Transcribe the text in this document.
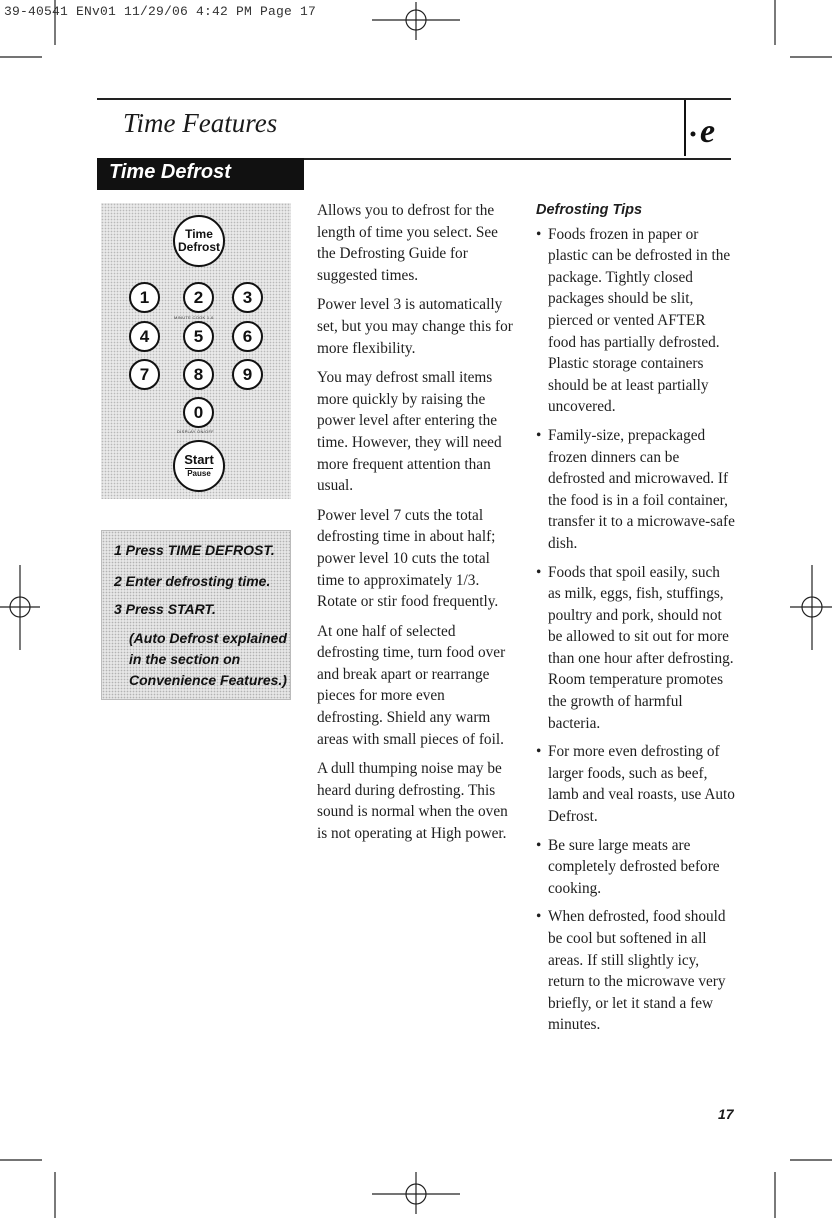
39-40541 ENv01 11/29/06 4:42 PM Page 17
Time Features	e
Time Defrost
Time
Defrost
1	2	3
MINUTE COOK 1-6
4	5	6
7	8	9
0
DISPLAY ON/OFF
Start
Pause
1 Press TIME DEFROST.
2 Enter defrosting time.
3 Press START.
(Auto Defrost explained
in the section on
Convenience Features.)

Allows you to defrost for the length of time you select. See the Defrosting Guide for suggested times.

Power level 3 is automatically set, but you may change this for more flexibility.

You may defrost small items more quickly by raising the power level after entering the time. However, they will need more frequent attention than usual.

Power level 7 cuts the total defrosting time in about half; power level 10 cuts the total time to approximately 1/3. Rotate or stir food frequently.

At one half of selected defrosting time, turn food over and break apart or rearrange pieces for more even defrosting. Shield any warm areas with small pieces of foil.

A dull thumping noise may be heard during defrosting. This sound is normal when the oven is not operating at High power.

Defrosting Tips
• Foods frozen in paper or plastic can be defrosted in the package. Tightly closed packages should be slit, pierced or vented AFTER food has partially defrosted. Plastic storage containers should be at least partially uncovered.
• Family-size, prepackaged frozen dinners can be defrosted and microwaved. If the food is in a foil container, transfer it to a microwave-safe dish.
• Foods that spoil easily, such as milk, eggs, fish, stuffings, poultry and pork, should not be allowed to sit out for more than one hour after defrosting. Room temperature promotes the growth of harmful bacteria.
• For more even defrosting of larger foods, such as beef, lamb and veal roasts, use Auto Defrost.
• Be sure large meats are completely defrosted before cooking.
• When defrosted, food should be cool but softened in all areas. If still slightly icy, return to the microwave very briefly, or let it stand a few minutes.
17
